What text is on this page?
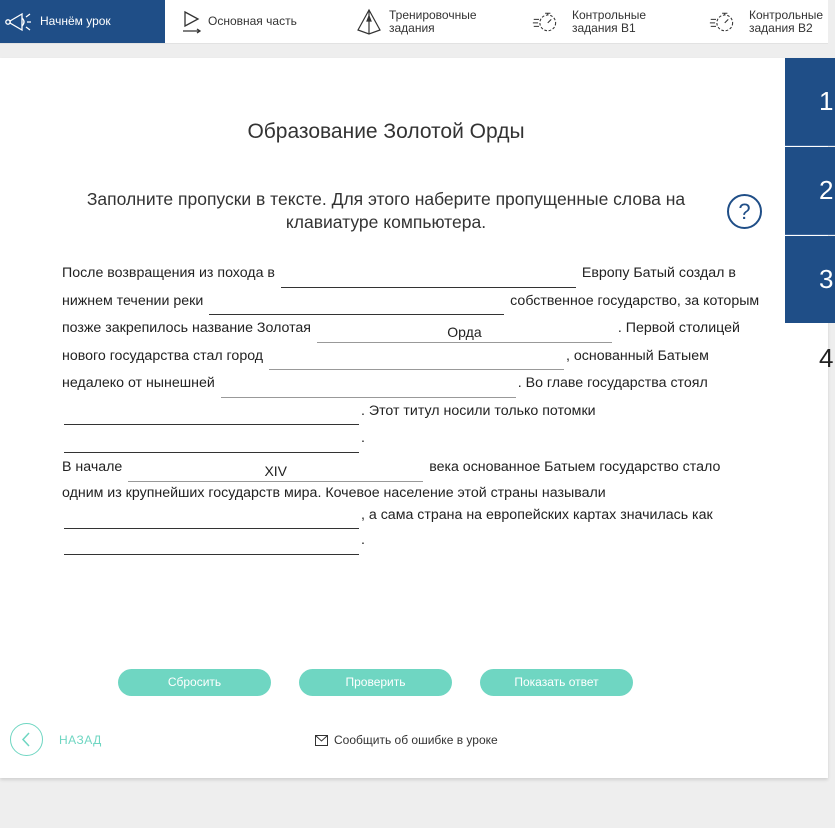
Начнём урок	Основная часть	Тренировочные
задания
Контрольные
задания В1
Контрольные
задания В2
1
2
3
4
Образование Золотой Орды
Заполните пропуски в тексте. Для этого наберите пропущенные слова на клавиатуре компьютера.	?
После возвращения из похода в	Европу Батый создал в нижнем течении реки	собственное государство, за которым позже закрепилось название Золотая Орда	. Первой столицей нового государства стал город	, основанный Батыем недалеко от нынешней	. Во главе государства стоял . Этот титул носили только потомки .
В начале XIV	века основанное Батыем государство стало одним из крупнейших государств мира. Кочевое население этой страны называли , а сама страна на европейских картах значилась как .
Сбросить	Проверить	Показать ответ
НАЗАД	Сообщить об ошибке в уроке
